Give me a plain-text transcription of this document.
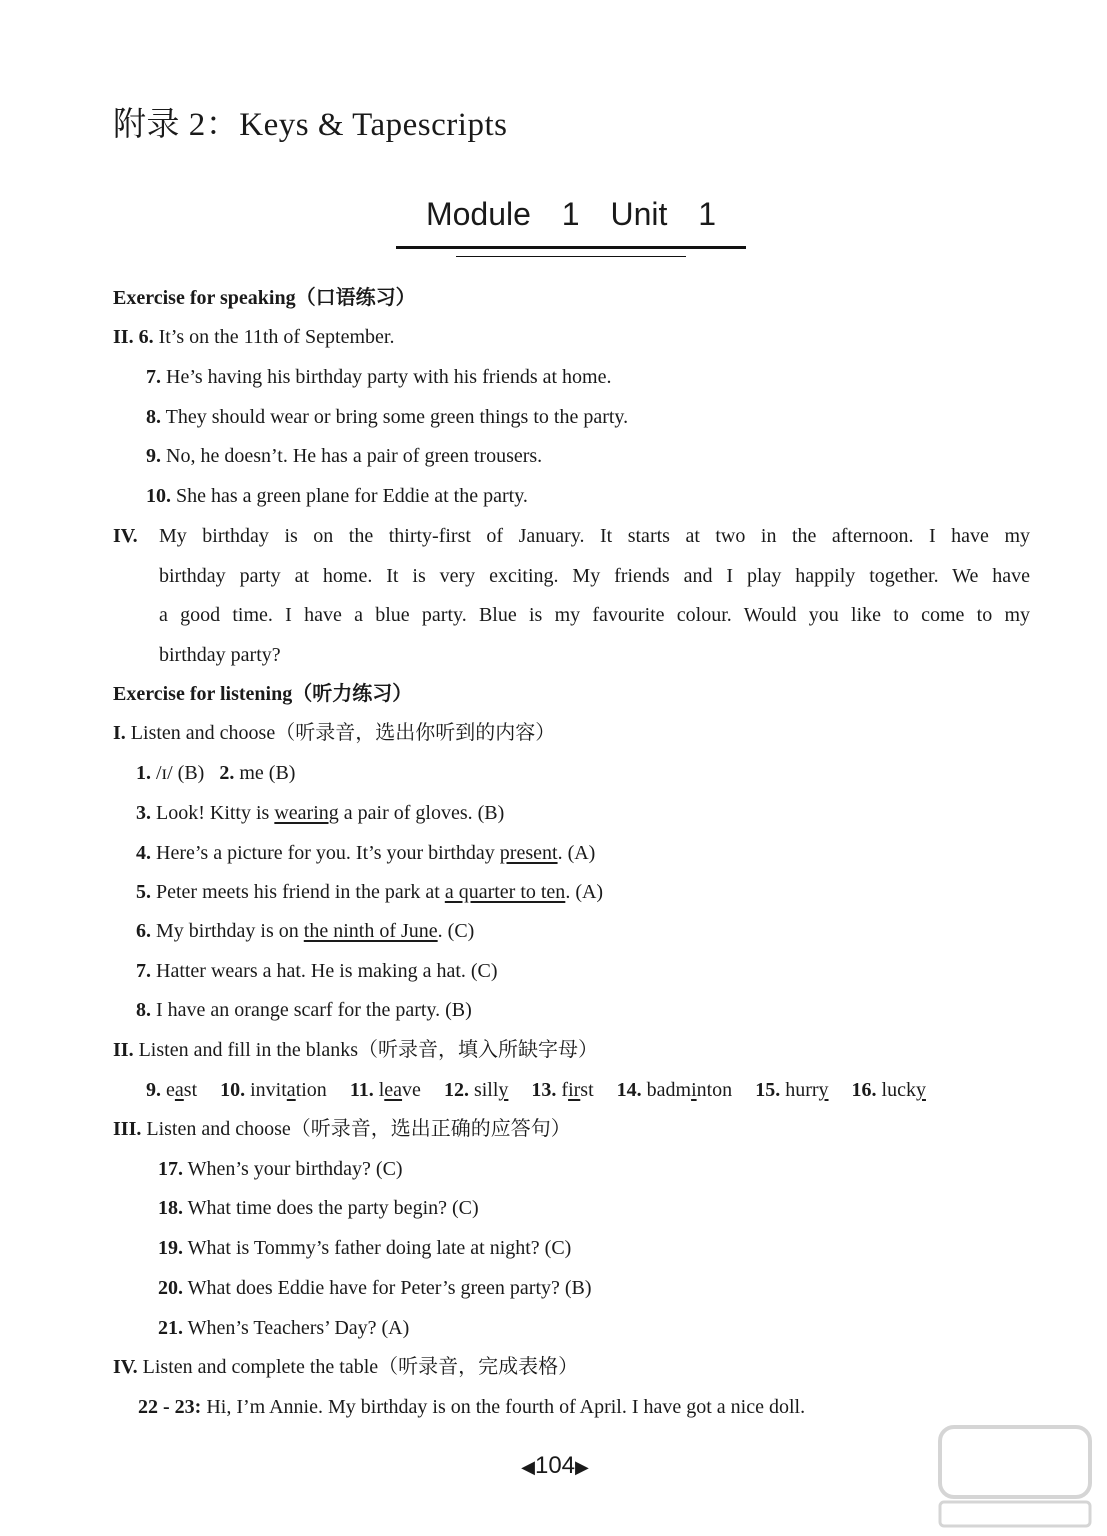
附录 2：Keys & Tapescripts
Module 1 Unit 1
Exercise for speaking（口语练习）
II. 6. It’s on the 11th of September.
7. He’s having his birthday party with his friends at home.
8. They should wear or bring some green things to the party.
9. No, he doesn’t. He has a pair of green trousers.
10. She has a green plane for Eddie at the party.
IV. My birthday is on the thirty-first of January. It starts at two in the afternoon. I have my
birthday party at home. It is very exciting. My friends and I play happily together. We have
a good time. I have a blue party. Blue is my favourite colour. Would you like to come to my
birthday party?
Exercise for listening（听力练习）
I. Listen and choose（听录音，选出你听到的内容）
1. /ɪ/ (B) 2. me (B)
3. Look! Kitty is wearing a pair of gloves. (B)
4. Here’s a picture for you. It’s your birthday present. (A)
5. Peter meets his friend in the park at a quarter to ten. (A)
6. My birthday is on the ninth of June. (C)
7. Hatter wears a hat. He is making a hat. (C)
8. I have an orange scarf for the party. (B)
II. Listen and fill in the blanks（听录音，填入所缺字母）
9. east 10. invitation 11. leave 12. silly 13. first 14. badminton 15. hurry 16. lucky
III. Listen and choose（听录音，选出正确的应答句）
17. When’s your birthday? (C)
18. What time does the party begin? (C)
19. What is Tommy’s father doing late at night? (C)
20. What does Eddie have for Peter’s green party? (B)
21. When’s Teachers’ Day? (A)
IV. Listen and complete the table（听录音，完成表格）
22 - 23: Hi, I’m Annie. My birthday is on the fourth of April. I have got a nice doll.
◀104▶
